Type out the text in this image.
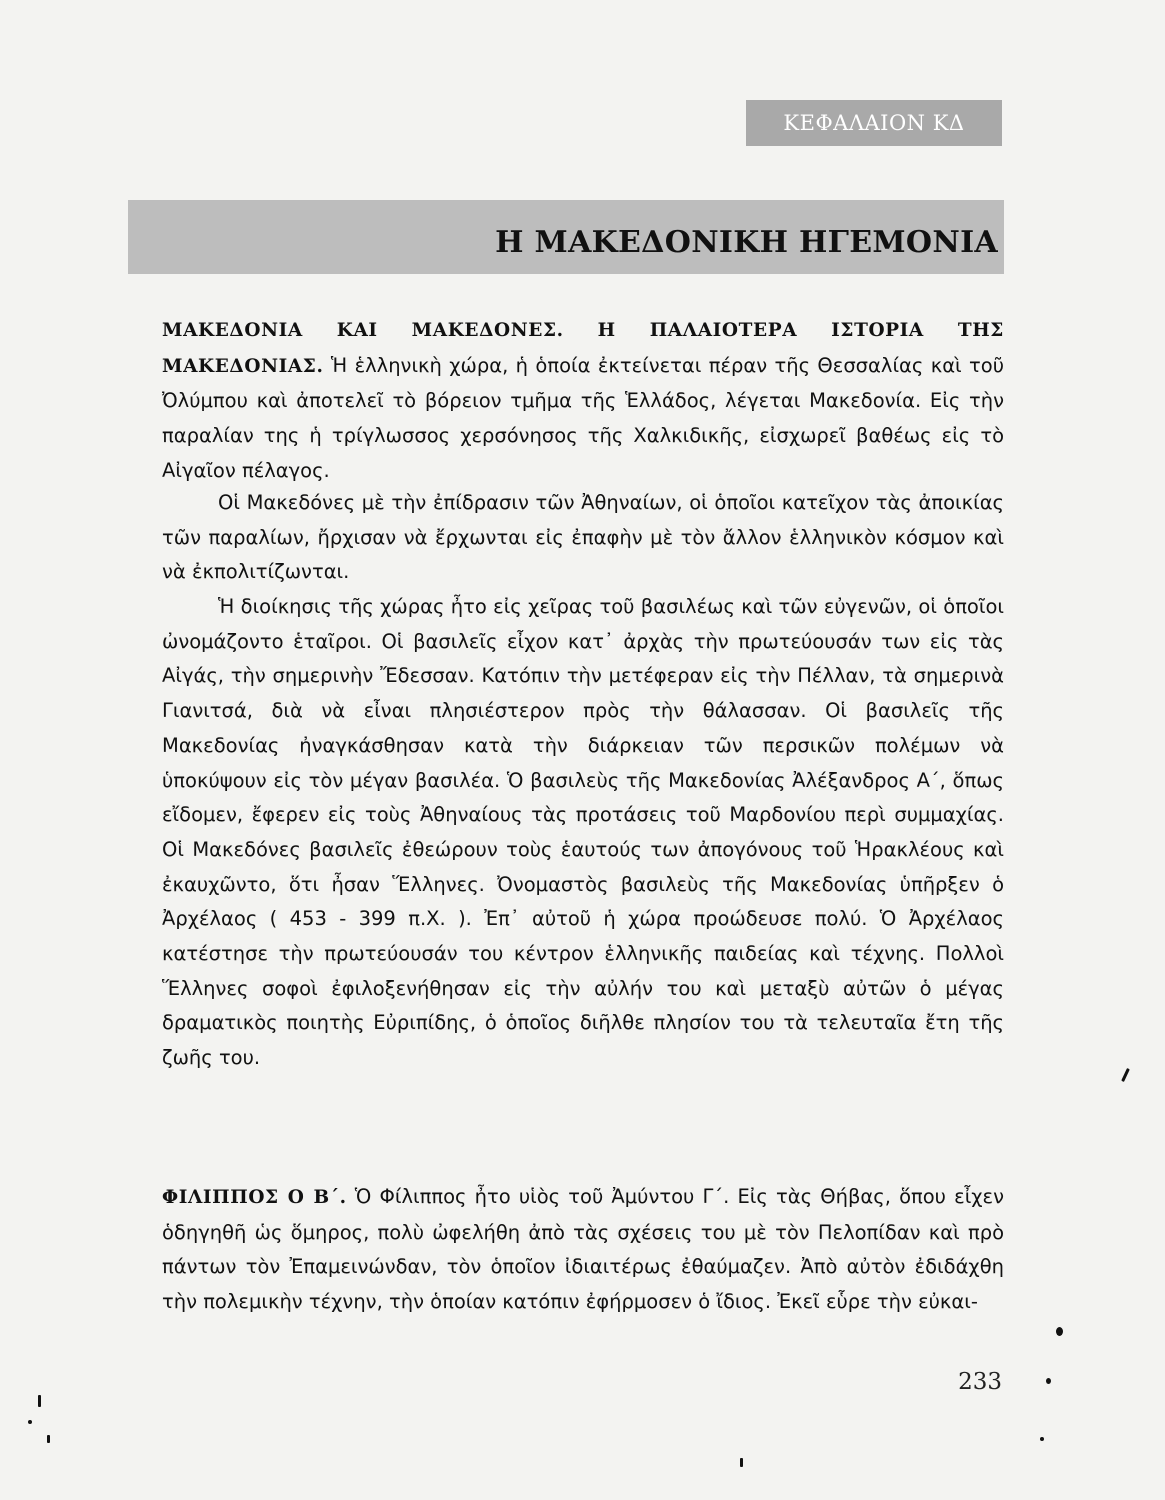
ΚΕΦΑΛΑΙΟΝ ΚΔ
Η ΜΑΚΕΔΟΝΙΚΗ ΗΓΕΜΟΝΙΑ

ΜΑΚΕΔΟΝΙΑ ΚΑΙ ΜΑΚΕΔΟΝΕΣ. Η ΠΑΛΑΙΟΤΕΡΑ ΙΣΤΟΡΙΑ ΤΗΣ ΜΑΚΕΔΟΝΙΑΣ. Ἡ ἑλληνικὴ χώρα, ἡ ὁποία ἐκτείνεται πέραν τῆς Θεσσαλίας καὶ τοῦ Ὀλύμπου καὶ ἀποτελεῖ τὸ βόρειον τμῆμα τῆς Ἑλλάδος, λέγεται Μακεδονία. Εἰς τὴν παραλίαν της ἡ τρίγλωσσος χερσόνησος τῆς Χαλκιδικῆς, εἰσχωρεῖ βαθέως εἰς τὸ Αἰγαῖον πέλαγος.

Οἱ Μακεδόνες μὲ τὴν ἐπίδρασιν τῶν Ἀθηναίων, οἱ ὁποῖοι κατεῖχον τὰς ἀποικίας τῶν παραλίων, ἤρχισαν νὰ ἔρχωνται εἰς ἐπαφὴν μὲ τὸν ἄλλον ἑλληνικὸν κόσμον καὶ νὰ ἐκπολιτίζωνται.

Ἡ διοίκησις τῆς χώρας ἦτο εἰς χεῖρας τοῦ βασιλέως καὶ τῶν εὐγενῶν, οἱ ὁποῖοι ὠνομάζοντο ἑταῖροι. Οἱ βασιλεῖς εἶχον κατ᾽ ἀρχὰς τὴν πρωτεύουσάν των εἰς τὰς Αἰγάς, τὴν σημερινὴν Ἔδεσσαν. Κατόπιν τὴν μετέφεραν εἰς τὴν Πέλλαν, τὰ σημερινὰ Γιανιτσά, διὰ νὰ εἶναι πλησιέστερον πρὸς τὴν θάλασσαν. Οἱ βασιλεῖς τῆς Μακεδονίας ἠναγκάσθησαν κατὰ τὴν διάρκειαν τῶν περσικῶν πολέμων νὰ ὑποκύψουν εἰς τὸν μέγαν βασιλέα. Ὁ βασιλεὺς τῆς Μακεδονίας Ἀλέξανδρος Α΄, ὅπως εἴδομεν, ἔφερεν εἰς τοὺς Ἀθηναίους τὰς προτάσεις τοῦ Μαρδονίου περὶ συμμαχίας. Οἱ Μακεδόνες βασιλεῖς ἐθεώρουν τοὺς ἑαυτούς των ἀπογόνους τοῦ Ἡρακλέους καὶ ἐκαυχῶντο, ὅτι ἦσαν Ἕλληνες. Ὀνομαστὸς βασιλεὺς τῆς Μακεδονίας ὑπῆρξεν ὁ Ἀρχέλαος ( 453 - 399 π.Χ. ). Ἐπ᾽ αὐτοῦ ἡ χώρα προώδευσε πολύ. Ὁ Ἀρχέλαος κατέστησε τὴν πρωτεύουσάν του κέντρον ἑλληνικῆς παιδείας καὶ τέχνης. Πολλοὶ Ἕλληνες σοφοὶ ἐφιλοξενήθησαν εἰς τὴν αὐλήν του καὶ μεταξὺ αὐτῶν ὁ μέγας δραματικὸς ποιητὴς Εὐριπίδης, ὁ ὁποῖος διῆλθε πλησίον του τὰ τελευταῖα ἔτη τῆς ζωῆς του.

ΦΙΛΙΠΠΟΣ Ο Β΄. Ὁ Φίλιππος ἦτο υἱὸς τοῦ Ἀμύντου Γ΄. Εἰς τὰς Θήβας, ὅπου εἶχεν ὁδηγηθῆ ὡς ὅμηρος, πολὺ ὠφελήθη ἀπὸ τὰς σχέσεις του μὲ τὸν Πελοπίδαν καὶ πρὸ πάντων τὸν Ἐπαμεινώνδαν, τὸν ὁποῖον ἰδιαιτέρως ἐθαύμαζεν. Ἀπὸ αὐτὸν ἐδιδάχθη τὴν πολεμικὴν τέχνην, τὴν ὁποίαν κατόπιν ἐφήρμοσεν ὁ ἴδιος. Ἐκεῖ εὗρε τὴν εὐκαι-

233
